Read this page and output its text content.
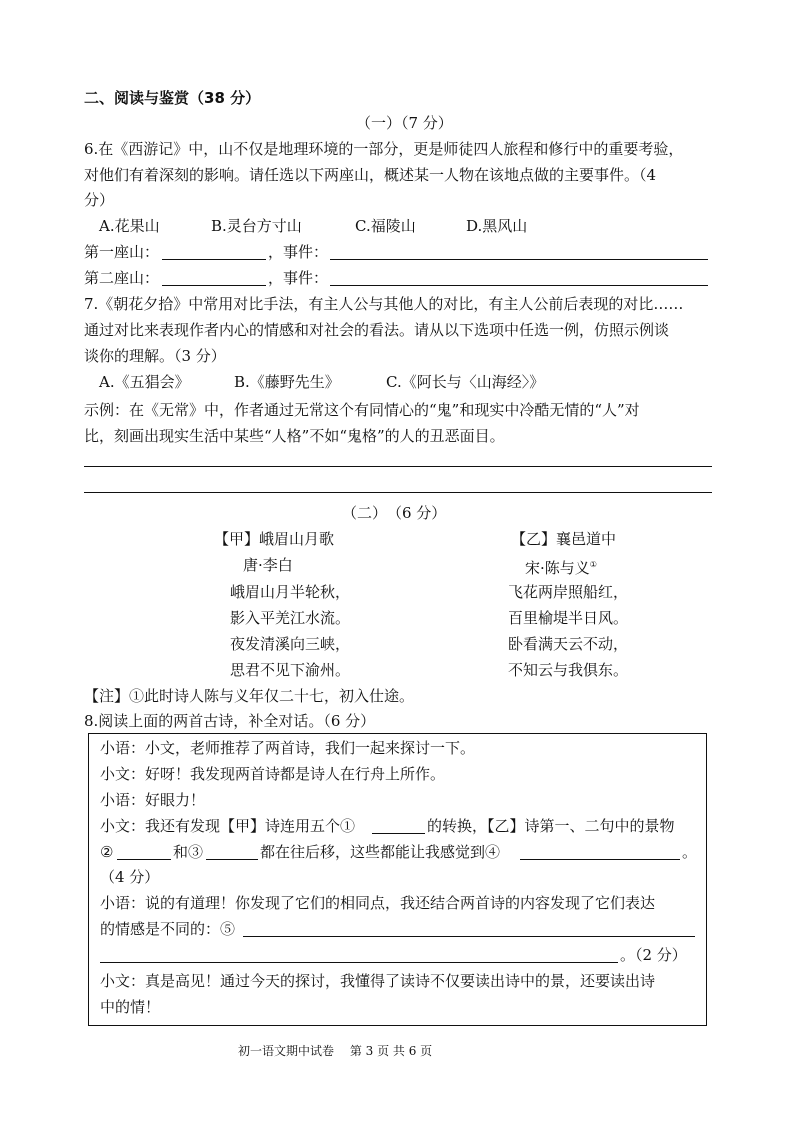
二、阅读与鉴赏（38 分）
（一）（7 分）
6.在《西游记》中，山不仅是地理环境的一部分，更是师徒四人旅程和修行中的重要考验，
对他们有着深刻的影响。请任选以下两座山，概述某一人物在该地点做的主要事件。（4
分）
A.花果山	B.灵台方寸山	C.福陵山	D.黑风山
第一座山：	，事件：
第二座山：	，事件：
7.《朝花夕拾》中常用对比手法，有主人公与其他人的对比，有主人公前后表现的对比……
通过对比来表现作者内心的情感和对社会的看法。请从以下选项中任选一例，仿照示例谈
谈你的理解。（3 分）
A.《五猖会》	B.《藤野先生》	C.《阿长与〈山海经〉》
示例：在《无常》中，作者通过无常这个有同情心的“鬼”和现实中冷酷无情的“人”对
比，刻画出现实生活中某些“人格”不如“鬼格”的人的丑恶面目。
（二）　（6 分）
【甲】峨眉山月歌
唐·李白
峨眉山月半轮秋，
影入平羌江水流。
夜发清溪向三峡，
思君不见下渝州。
【乙】襄邑道中
宋·陈与义①
飞花两岸照船红，
百里榆堤半日风。
卧看满天云不动，
不知云与我俱东。
【注】①此时诗人陈与义年仅二十七，初入仕途。
8.阅读上面的两首古诗，补全对话。（6 分）
小语：小文，老师推荐了两首诗，我们一起来探讨一下。
小文：好呀！我发现两首诗都是诗人在行舟上所作。
小语：好眼力！
小文：我还有发现【甲】诗连用五个①	的转换，【乙】诗第一、二句中的景物
②	和③	都在往后移，这些都能让我感觉到④	。
（4 分）
小语：说的有道理！你发现了它们的相同点，我还结合两首诗的内容发现了它们表达
的情感是不同的：⑤
。（2 分）
小文：真是高见！通过今天的探讨，我懂得了读诗不仅要读出诗中的景，还要读出诗
中的情！
初一语文期中试卷　 第 3 页 共 6 页
